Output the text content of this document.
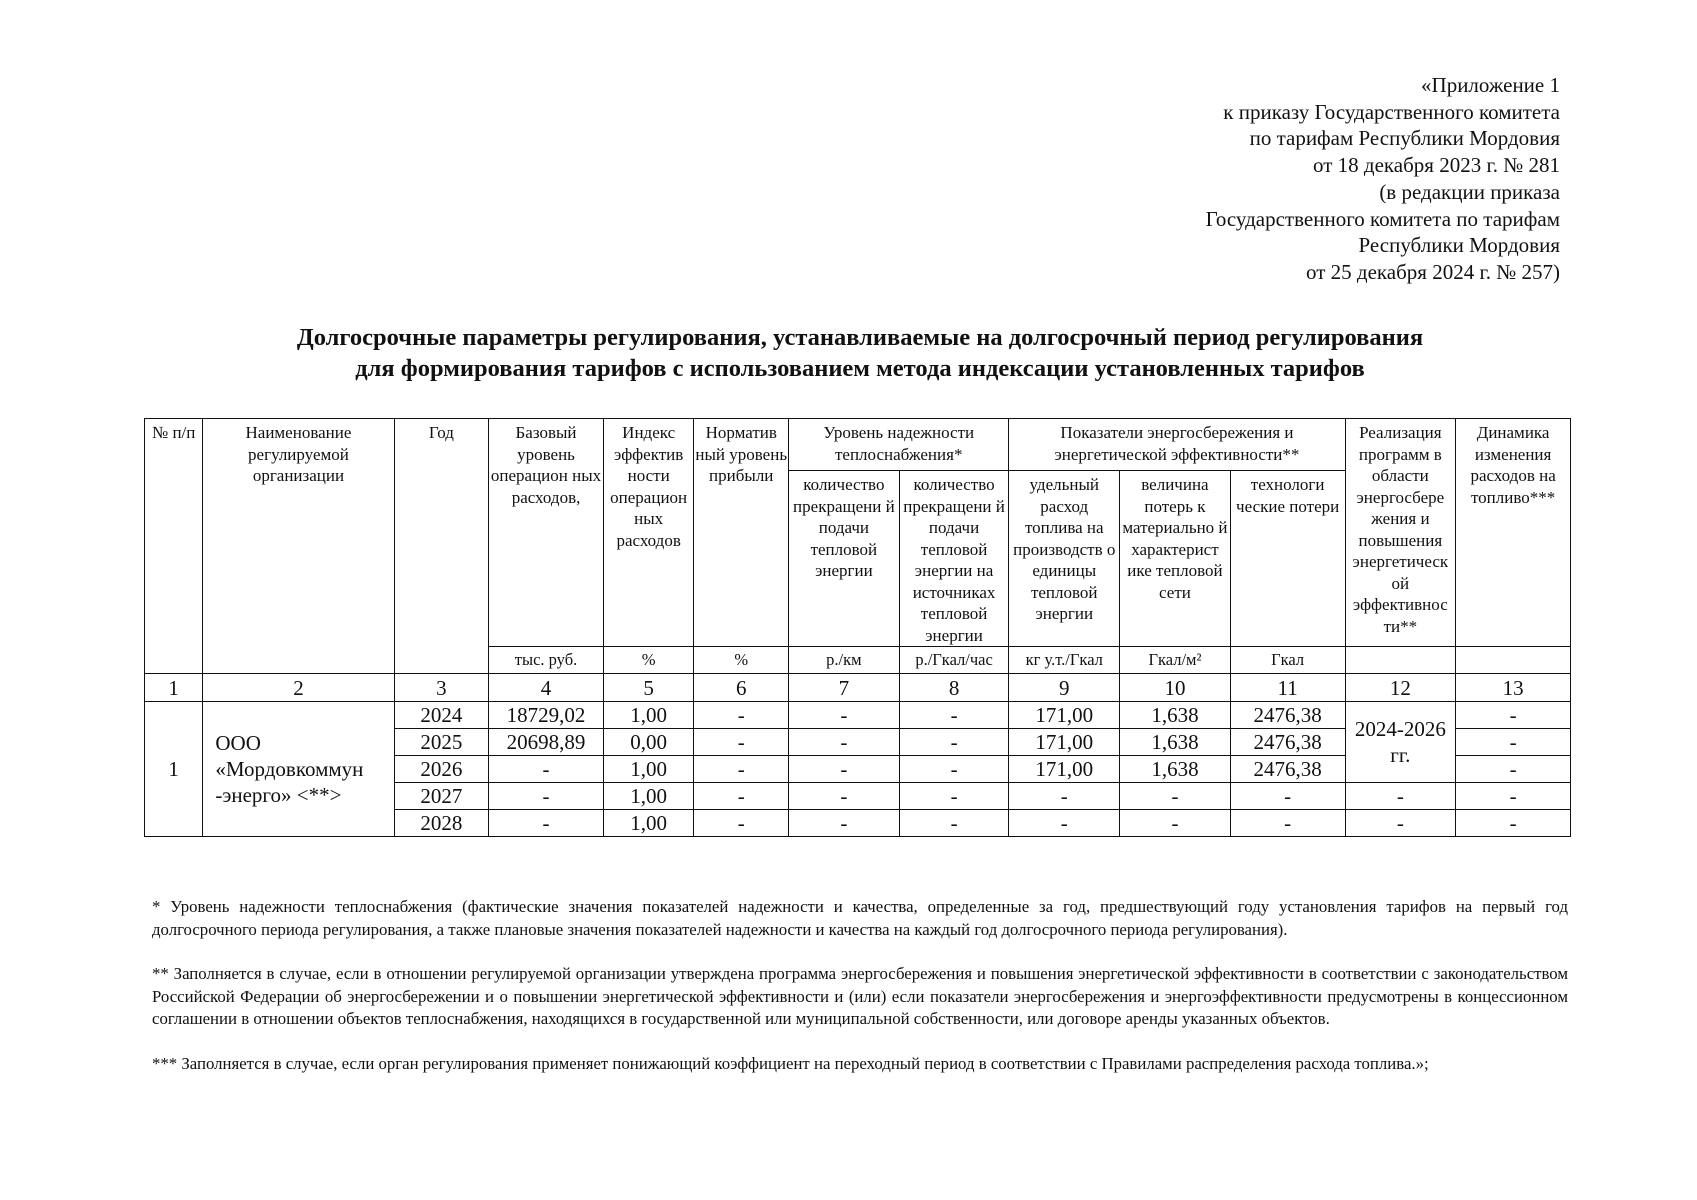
«Приложение 1
к приказу Государственного комитета
по тарифам Республики Мордовия
от 18 декабря 2023 г. № 281
(в редакции приказа
Государственного комитета по тарифам
Республики Мордовия
от 25 декабря 2024 г. № 257)
Долгосрочные параметры регулирования, устанавливаемые на долгосрочный период регулирования
для формирования тарифов с использованием метода индексации установленных тарифов
№ п/п	Наименование регулируемой организации	Год	Базовый уровень операцион ных расходов,	Индекс эффектив ности операцион ных расходов	Норматив ный уровень прибыли	Уровень надежности теплоснабжения*		Показатели энергосбережения и энергетической эффективности**			Реализация программ в области энергосбере жения и повышения энергетическ ой эффективнос ти**	Динамика изменения расходов на топливо***
						количество прекращени й подачи тепловой энергии	количество прекращени й подачи тепловой энергии на источниках тепловой энергии	удельный расход топлива на производств о единицы тепловой энергии	величина потерь к материально й характерист ике тепловой сети	технологи ческие потери		
			тыс. руб.	%	%	р./км	р./Гкал/час	кг у.т./Гкал	Гкал/м²	Гкал		
1	2	3	4	5	6	7	8	9	10	11	12	13
1	ООО «Мордовкоммун -энерго» <**>	2024	18729,02	1,00	-	-	-	171,00	1,638	2476,38	2024-2026 гг.	-
		2025	20698,89	0,00	-	-	-	171,00	1,638	2476,38		-
		2026	-	1,00	-	-	-	171,00	1,638	2476,38		-
		2027	-	1,00	-	-	-	-	-	-	-	-
		2028	-	1,00	-	-	-	-	-	-	-	-

* Уровень надежности теплоснабжения (фактические значения показателей надежности и качества, определенные за год, предшествующий году установления тарифов на первый год долгосрочного периода регулирования, а также плановые значения показателей надежности и качества на каждый год долгосрочного периода регулирования).

** Заполняется в случае, если в отношении регулируемой организации утверждена программа энергосбережения и повышения энергетической эффективности в соответствии с законодательством Российской Федерации об энергосбережении и о повышении энергетической эффективности и (или) если показатели энергосбережения и энергоэффективности предусмотрены в концессионном соглашении в отношении объектов теплоснабжения, находящихся в государственной или муниципальной собственности, или договоре аренды указанных объектов.

*** Заполняется в случае, если орган регулирования применяет понижающий коэффициент на переходный период в соответствии с Правилами распределения расхода топлива.»;
